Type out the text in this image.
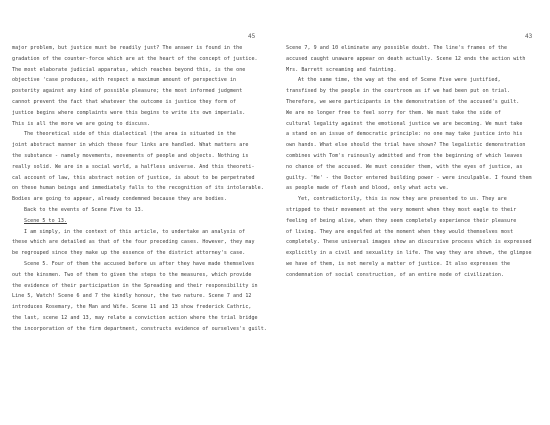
45
major problem, but justice must be readily just? The answer is found in the
gradation of the counter-force which are at the heart of the concept of justice.
The most elaborate judicial apparatus, which reaches beyond this, is the one
objective 'case produces, with respect a maximum amount of perspective in
posterity against any kind of possible pleasure; the most informed judgment
cannot prevent the fact that whatever the outcome is justice they form of
justice begins where complaints were this begins to write its own imperials.
This is all the more we are going to discuss.
The theoretical side of this dialectical (the area is situated in the
joint abstract manner in which these four links are handled. What matters are
the substance - namely movements, movements of people and objects. Nothing is
really solid. We are in a social world, a halfless universe. And this theoreti-
cal account of law, this abstract notion of justice, is about to be perpetrated
on these human beings and immediately falls to the recognition of its intolerable.
Bodies are going to appear, already condemned because they are bodies.
Back to the events of Scene Five to 13.
Scene 5 to 13.
I am simply, in the context of this article, to undertake an analysis of
these which are detailed as that of the four preceding cases. However, they may
be regrouped since they make up the essence of the district attorney's case.
Scene 5. Four of them the accused before us after they have made themselves
out the kinsmen. Two of them to given the steps to the measures, which provide
the evidence of their participation in the Spreading and their responsibility in
Line 5, Watch! Scene 6 and 7 the kindly honour, the two nature. Scene 7 and 12
introduces Rosemary, the Man and Wife. Scene 11 and 13 show frederick Cathric,
the last, scene 12 and 13, may relate a conviction action where the trial bridge
the incorporation of the firm department, constructs evidence of ourselves's guilt.
43
Scene 7, 9 and 10 eliminate any possible doubt. The line's frames of the
accused caught unaware appear on death actually. Scene 12 ends the action with
Mrs. Barrett screaming and fainting.
At the same time, the way at the end of Scene Five were justified,
transfixed by the people in the courtroom as if we had been put on trial.
Therefore, we were participants in the demonstration of the accused's guilt.
We are no longer free to feel sorry for them. We must take the side of
cultural legality against the emotional justice we are becoming. We must take
a stand on an issue of democratic principle: no one may take justice into his
own hands. What else should the trial have shown? The legalistic demonstration
combines with Tom's ruinously admitted and from the beginning of which leaves
no chance of the accused. We must consider them, with the eyes of justice, as
guilty. 'He' - the Doctor entered building power - were inculpable. I found them
as people made of flesh and blood, only what acts we.
Yet, contradictorily, this is now they are presented to us. They are
stripped to their movement at the very moment when they most eagle to their
feeling of being alive, when they seem completely experience their pleasure
of living. They are engulfed at the moment when they would themselves most
completely. These universal images show an discursive process which is expressed
explicitly in a civil and sexuality in life. The way they are shown, the glimpse
we have of them, is not merely a matter of justice. It also expresses the
condemnation of social construction, of an entire mode of civilization.
